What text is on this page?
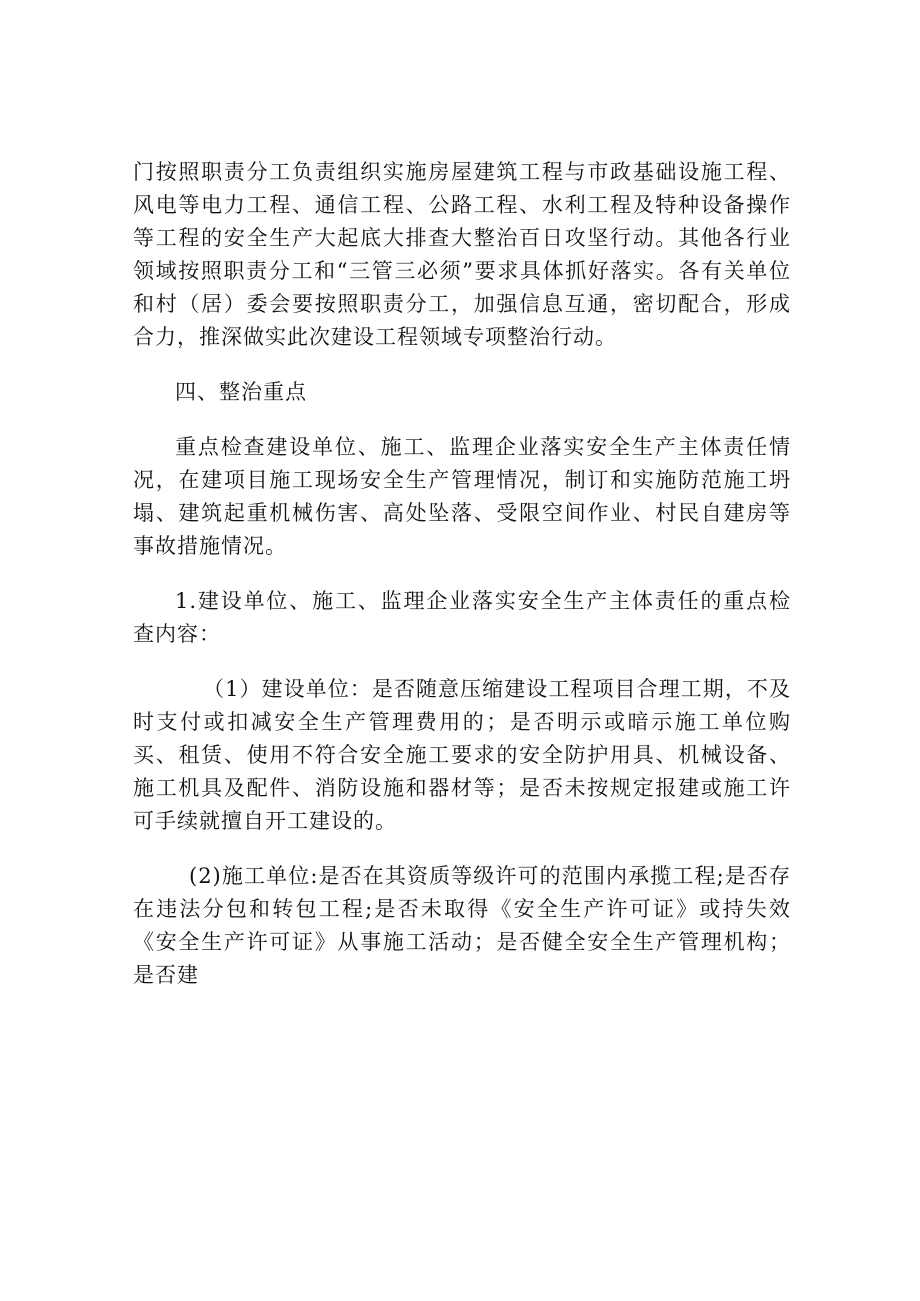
门按照职责分工负责组织实施房屋建筑工程与市政基础设施工程、风电等电力工程、通信工程、公路工程、水利工程及特种设备操作等工程的安全生产大起底大排查大整治百日攻坚行动。其他各行业领域按照职责分工和“三管三必须”要求具体抓好落实。各有关单位和村（居）委会要按照职责分工，加强信息互通，密切配合，形成合力，推深做实此次建设工程领域专项整治行动。

四、整治重点

重点检查建设单位、施工、监理企业落实安全生产主体责任情况，在建项目施工现场安全生产管理情况，制订和实施防范施工坍塌、建筑起重机械伤害、高处坠落、受限空间作业、村民自建房等事故措施情况。

1.建设单位、施工、监理企业落实安全生产主体责任的重点检查内容：

（1）建设单位：是否随意压缩建设工程项目合理工期，不及时支付或扣减安全生产管理费用的；是否明示或暗示施工单位购买、租赁、使用不符合安全施工要求的安全防护用具、机械设备、施工机具及配件、消防设施和器材等；是否未按规定报建或施工许可手续就擅自开工建设的。

(2)施工单位:是否在其资质等级许可的范围内承揽工程;是否存在违法分包和转包工程;是否未取得《安全生产许可证》或持失效《安全生产许可证》从事施工活动；是否健全安全生产管理机构；是否建
